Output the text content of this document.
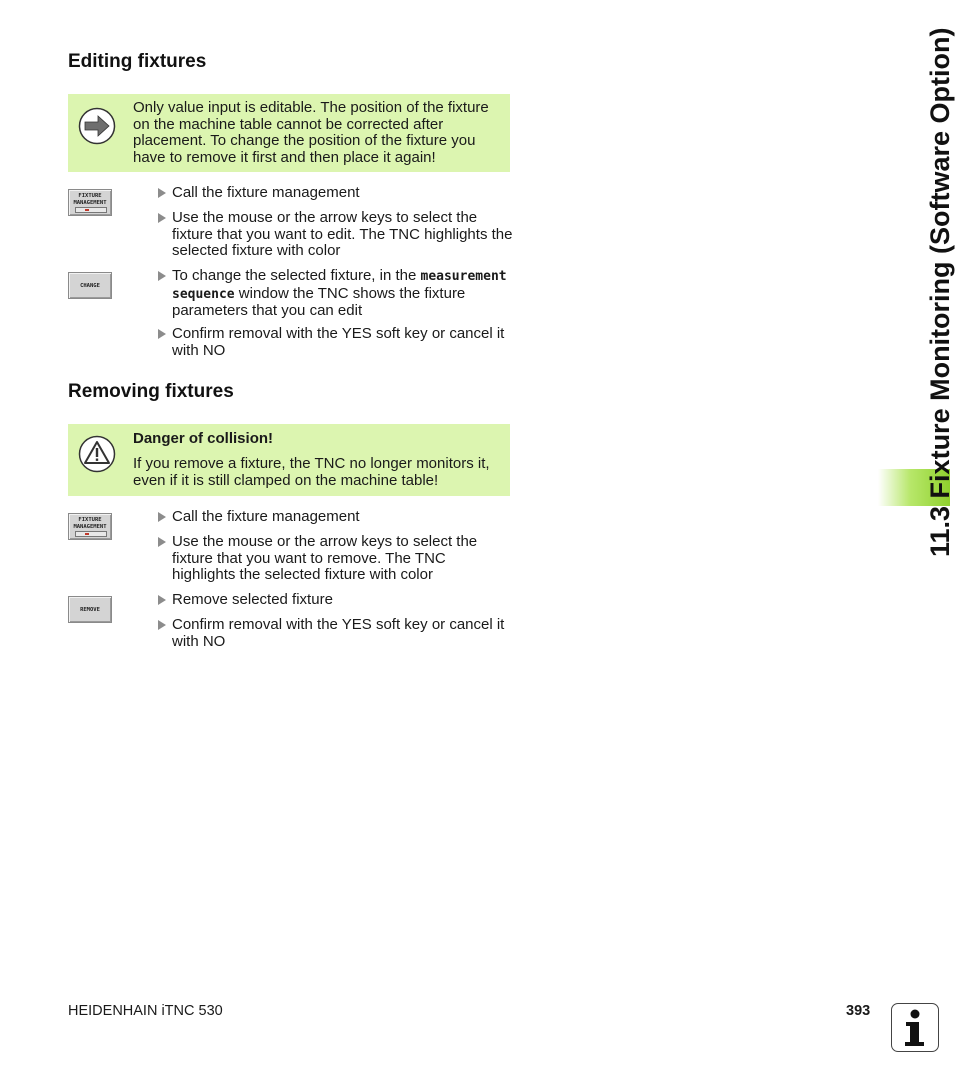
Editing fixtures
Only value input is editable. The position of the fixture on the machine table cannot be corrected after placement. To change the position of the fixture you have to remove it first and then place it again!
FIXTURE
MANAGEMENT
Call the fixture management
Use the mouse or the arrow keys to select the fixture that you want to edit. The TNC highlights the selected fixture with color
CHANGE
To change the selected fixture, in the measurement sequence window the TNC shows the fixture parameters that you can edit
Confirm removal with the YES soft key or cancel it with NO
Removing fixtures
Danger of collision!
If you remove a fixture, the TNC no longer monitors it, even if it is still clamped on the machine table!
FIXTURE
MANAGEMENT
Call the fixture management
Use the mouse or the arrow keys to select the fixture that you want to remove. The TNC highlights the selected fixture with color
REMOVE
Remove selected fixture
Confirm removal with the YES soft key or cancel it with NO
11.3 Fixture Monitoring (Software Option)
HEIDENHAIN iTNC 530	393
